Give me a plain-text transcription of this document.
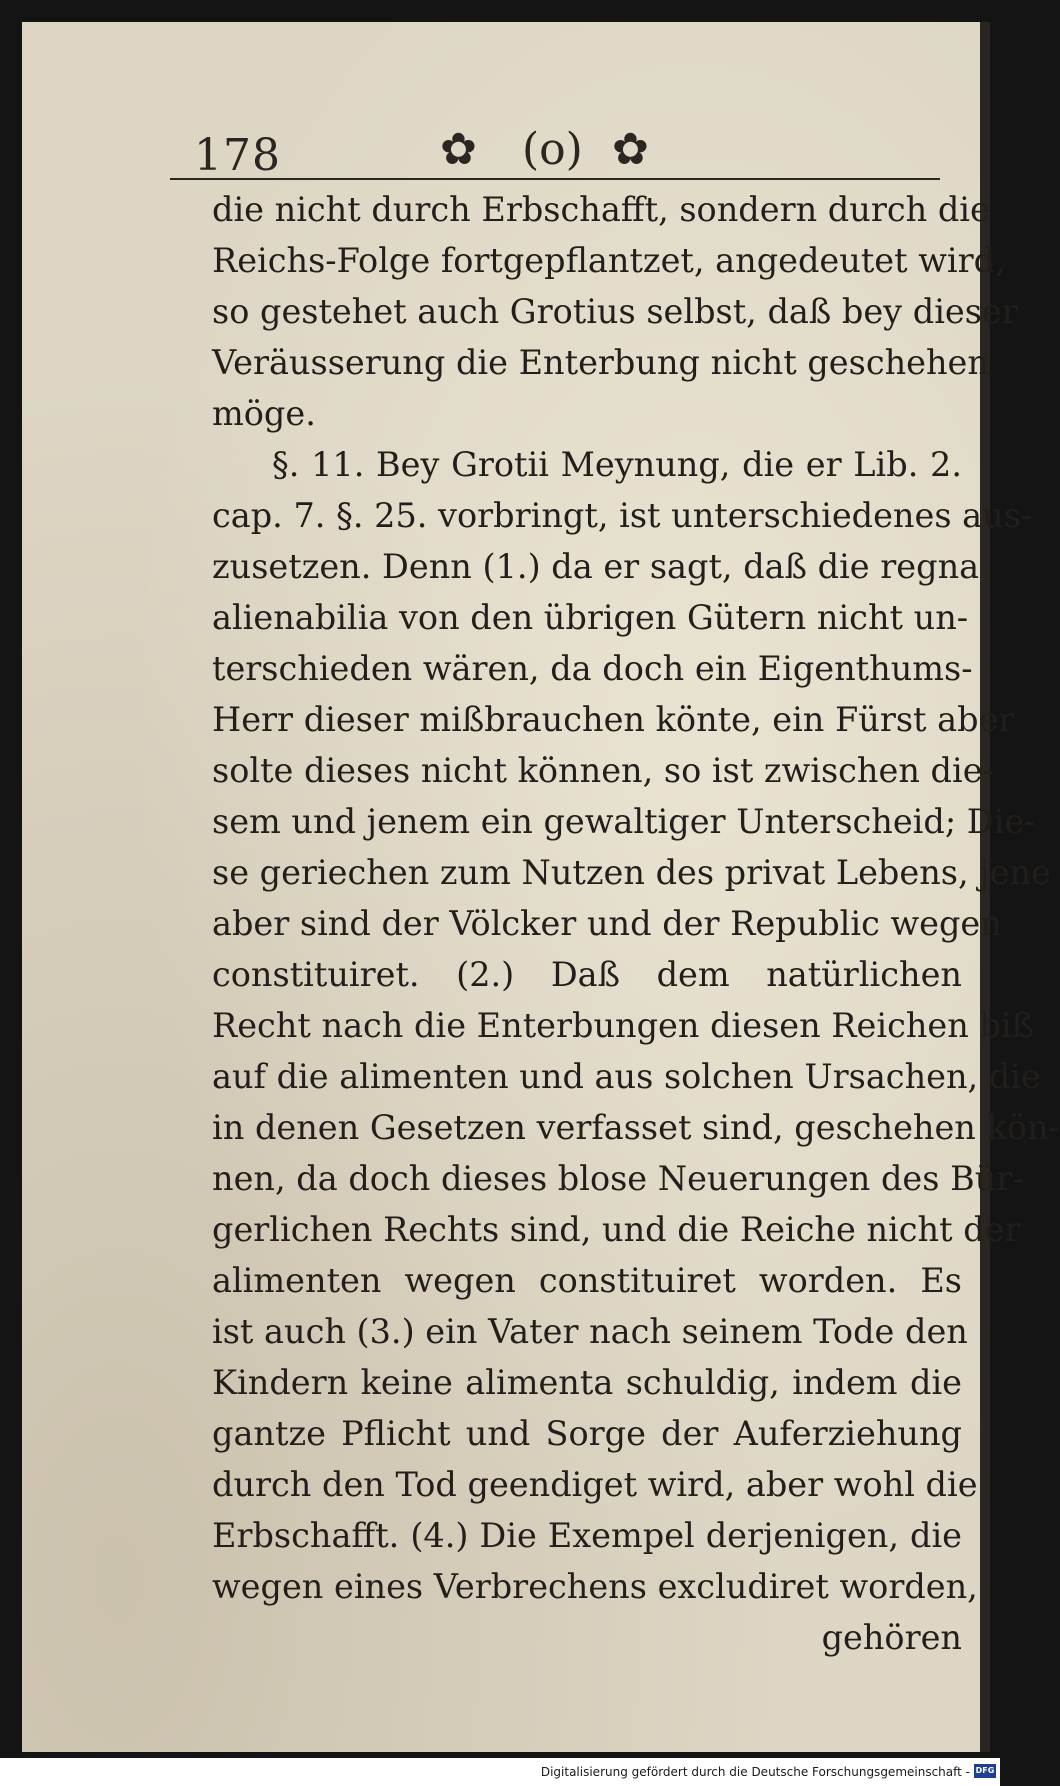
178	✿ (o) ✿
die nicht durch Erbschafft, sondern durch die
Reichs-Folge fortgepflantzet, angedeutet wird,
so gestehet auch Grotius selbst, daß bey dieser
Veräusserung die Enterbung nicht geschehen
möge.
§. 11. Bey Grotii Meynung, die er Lib. 2.
cap. 7. §. 25. vorbringt, ist unterschiedenes aus-
zusetzen. Denn (1.) da er sagt, daß die regna
alienabilia von den übrigen Gütern nicht un-
terschieden wären, da doch ein Eigenthums-
Herr dieser mißbrauchen könte, ein Fürst aber
solte dieses nicht können, so ist zwischen die-
sem und jenem ein gewaltiger Unterscheid; Die-
se geriechen zum Nutzen des privat Lebens, jene
aber sind der Völcker und der Republic wegen
constituiret. (2.) Daß dem natürlichen
Recht nach die Enterbungen diesen Reichen biß
auf die alimenten und aus solchen Ursachen, die
in denen Gesetzen verfasset sind, geschehen kön-
nen, da doch dieses blose Neuerungen des Bür-
gerlichen Rechts sind, und die Reiche nicht der
alimenten wegen constituiret worden. Es
ist auch (3.) ein Vater nach seinem Tode den
Kindern keine alimenta schuldig, indem die
gantze Pflicht und Sorge der Auferziehung
durch den Tod geendiget wird, aber wohl die
Erbschafft. (4.) Die Exempel derjenigen, die
wegen eines Verbrechens excludiret worden,
gehören
Digitalisierung gefördert durch die Deutsche Forschungsgemeinschaft - DFG
